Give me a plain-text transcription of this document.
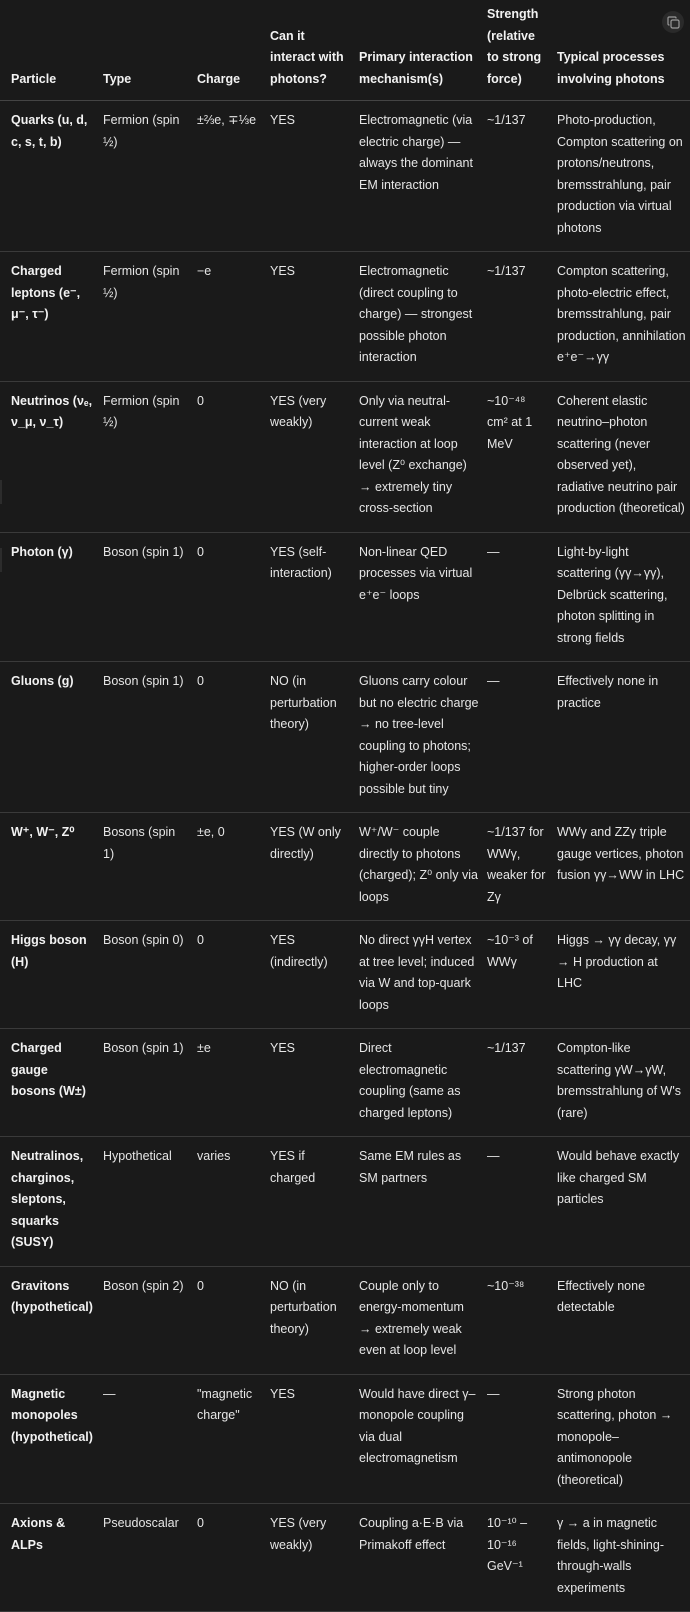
Particle	Type	Charge	Can it interact with photons?	Primary interaction mechanism(s)	Strength (relative to strong force)	Typical processes involving photons
Quarks (u, d, c, s, t, b)	Fermion (spin ½)	±⅔e, ∓⅓e	YES	Electromagnetic (via electric charge) — always the dominant EM interaction	~1/137	Photo-production, Compton scattering on protons/neutrons, bremsstrahlung, pair production via virtual photons
Charged leptons (e⁻, μ⁻, τ⁻)	Fermion (spin ½)	−e	YES	Electromagnetic (direct coupling to charge) — strongest possible photon interaction	~1/137	Compton scattering, photo-electric effect, bremsstrahlung, pair production, annihilation e⁺e⁻→γγ
Neutrinos (νₑ, ν_μ, ν_τ)	Fermion (spin ½)	0	YES (very weakly)	Only via neutral-current weak interaction at loop level (Z⁰ exchange) → extremely tiny cross-section	~10⁻⁴⁸ cm² at 1 MeV	Coherent elastic neutrino–photon scattering (never observed yet), radiative neutrino pair production (theoretical)
Photon (γ)	Boson (spin 1)	0	YES (self-interaction)	Non-linear QED processes via virtual e⁺e⁻ loops	—	Light-by-light scattering (γγ→γγ), Delbrück scattering, photon splitting in strong fields
Gluons (g)	Boson (spin 1)	0	NO (in perturbation theory)	Gluons carry colour but no electric charge → no tree-level coupling to photons; higher-order loops possible but tiny	—	Effectively none in practice
W⁺, W⁻, Z⁰	Bosons (spin 1)	±e, 0	YES (W only directly)	W⁺/W⁻ couple directly to photons (charged); Z⁰ only via loops	~1/137 for WWγ, weaker for Zγ	WWγ and ZZγ triple gauge vertices, photon fusion γγ→WW in LHC
Higgs boson (H)	Boson (spin 0)	0	YES (indirectly)	No direct γγH vertex at tree level; induced via W and top-quark loops	~10⁻³ of WWγ	Higgs → γγ decay, γγ → H production at LHC
Charged gauge bosons (W±)	Boson (spin 1)	±e	YES	Direct electromagnetic coupling (same as charged leptons)	~1/137	Compton-like scattering γW→γW, bremsstrahlung of W's (rare)
Neutralinos, charginos, sleptons, squarks (SUSY)	Hypothetical	varies	YES if charged	Same EM rules as SM partners	—	Would behave exactly like charged SM particles
Gravitons (hypothetical)	Boson (spin 2)	0	NO (in perturbation theory)	Couple only to energy-momentum → extremely weak even at loop level	~10⁻³⁸	Effectively none detectable
Magnetic monopoles (hypothetical)	—	"magnetic charge"	YES	Would have direct γ–monopole coupling via dual electromagnetism	—	Strong photon scattering, photon → monopole–antimonopole (theoretical)
Axions & ALPs	Pseudoscalar	0	YES (very weakly)	Coupling a·E·B via Primakoff effect	10⁻¹⁰ – 10⁻¹⁶ GeV⁻¹	γ → a in magnetic fields, light-shining-through-walls experiments
